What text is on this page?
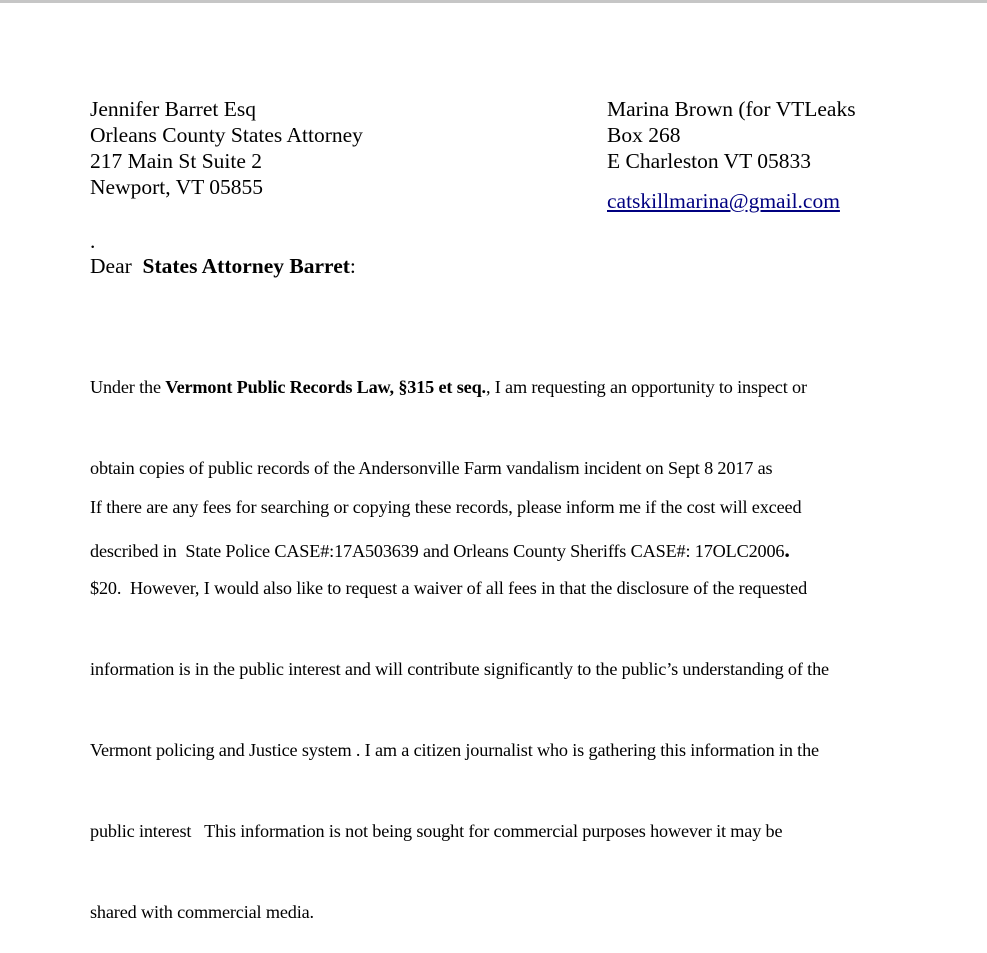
Jennifer Barret Esq
Orleans County States Attorney
217 Main St Suite 2
Newport, VT 05855
Marina Brown (for VTLeaks
Box 268
E Charleston VT 05833
catskillmarina@gmail.com
.
Dear  States Attorney Barret:

Under the Vermont Public Records Law, §315 et seq., I am requesting an opportunity to inspect or

obtain copies of public records of the Andersonville Farm vandalism incident on Sept 8 2017 as

described in  State Police CASE#:17A503639 and Orleans County Sheriffs CASE#: 17OLC2006.

If there are any fees for searching or copying these records, please inform me if the cost will exceed

$20.  However, I would also like to request a waiver of all fees in that the disclosure of the requested

information is in the public interest and will contribute significantly to the public’s understanding of the

Vermont policing and Justice system . I am a citizen journalist who is gathering this information in the

public interest   This information is not being sought for commercial purposes however it may be

shared with commercial media.
